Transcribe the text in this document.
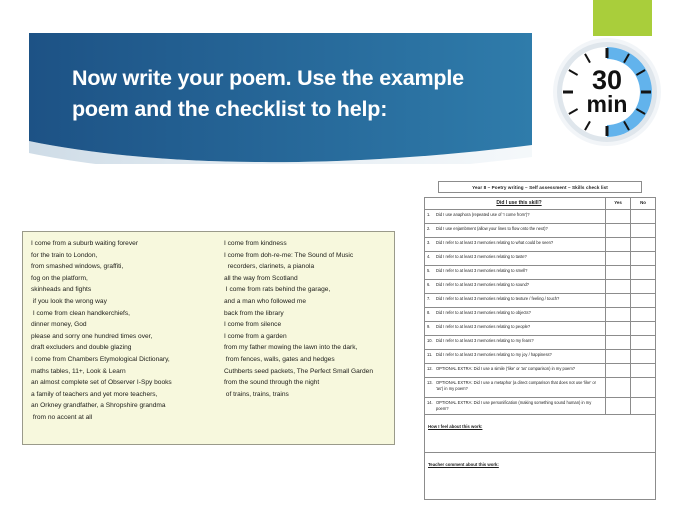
Now write your poem. Use the example poem and the checklist to help:
30
min
I come from a suburb waiting forever
for the train to London,
from smashed windows, graffiti,
fog on the platform,
skinheads and fights
if you look the wrong way
I come from clean handkerchiefs,
dinner money, God
please and sorry one hundred times over,
draft excluders and double glazing
I come from Chambers Etymological Dictionary,
maths tables, 11+, Look & Learn
an almost complete set of Observer I-Spy books
a family of teachers and yet more teachers,
an Orkney grandfather, a Shropshire grandma
from no accent at all
I come from kindness
I come from doh-re-me: The Sound of Music
recorders, clarinets, a pianola
all the way from Scotland
I come from rats behind the garage,
and a man who followed me
back from the library
I come from silence
I come from a garden
from my father mowing the lawn into the dark,
from fences, walls, gates and hedges
Cuthberts seed packets, The Perfect Small Garden
from the sound through the night
of trains, trains, trains
Year 8 – Poetry writing – Self assessment – Skills check list
Did I use this skill?	Yes	No
1.	Did I use anaphora (repeated use of 'I come from')?
2.	Did I use enjambment (allow your lines to flow onto the next)?
3.	Did I refer to at least 3 memories relating to what could be seen?
4.	Did I refer to at least 3 memories relating to taste?
5.	Did I refer to at least 3 memories relating to smell?
6.	Did I refer to at least 3 memories relating to sound?
7.	Did I refer to at least 3 memories relating to texture / feeling / touch?
8.	Did I refer to at least 3 memories relating to objects?
9.	Did I refer to at least 3 memories relating to people?
10. Did I refer to at least 3 memories relating to my fears?
11. Did I refer to at least 3 memories relating to my joy / happiness?
12. OPTIONAL EXTRA: Did I use a simile ('like' or 'as' comparison) in my poem?
13. OPTIONAL EXTRA: Did I use a metaphor (a direct comparison that does not use 'like' or 'as') in my poem?
14. OPTIONAL EXTRA: Did I use personification (making something sound human) in my poem?
How I feel about this work:
Teacher comment about this work:
